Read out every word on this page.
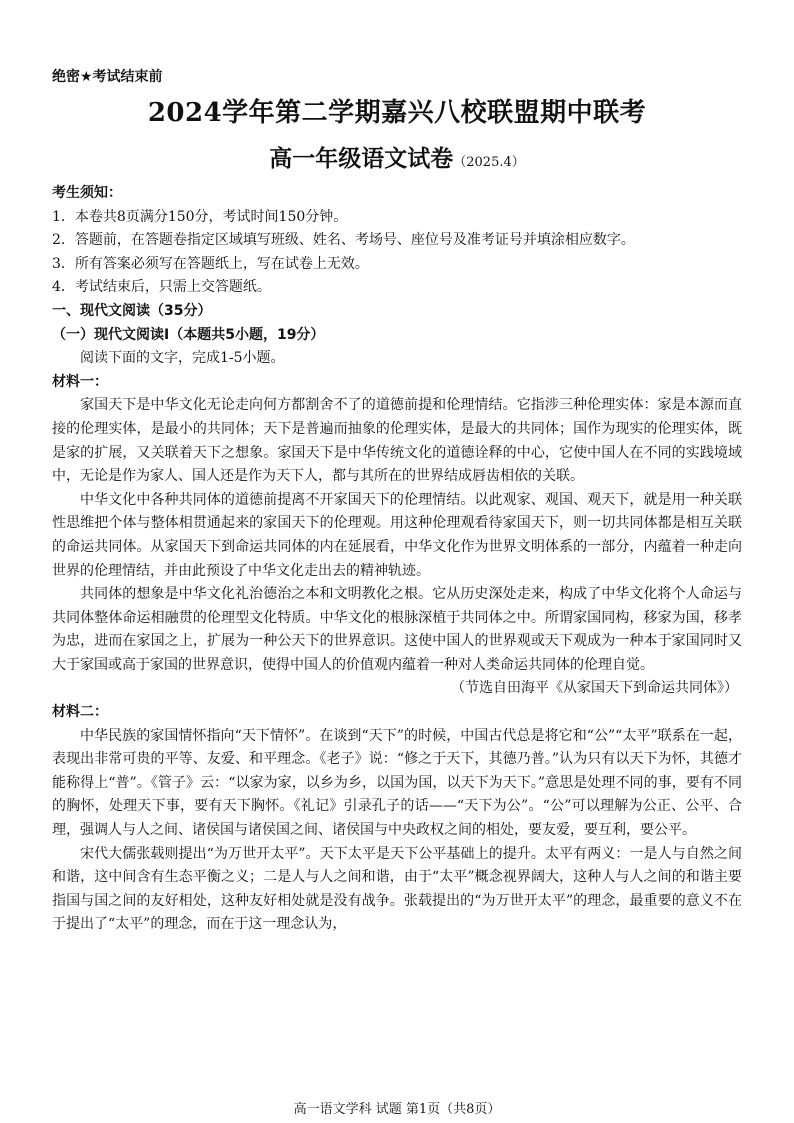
绝密★考试结束前
2024学年第二学期嘉兴八校联盟期中联考
高一年级语文试卷（2025.4）

考生须知：

1．本卷共8页满分150分，考试时间150分钟。

2．答题前，在答题卷指定区域填写班级、姓名、考场号、座位号及准考证号并填涂相应数字。

3．所有答案必须写在答题纸上，写在试卷上无效。

4．考试结束后，只需上交答题纸。

一、现代文阅读（35分）

（一）现代文阅读Ⅰ（本题共5小题，19分）

阅读下面的文字，完成1-5小题。

材料一：

家国天下是中华文化无论走向何方都割舍不了的道德前提和伦理情结。它指涉三种伦理实体：家是本源而直接的伦理实体，是最小的共同体；天下是普遍而抽象的伦理实体，是最大的共同体；国作为现实的伦理实体，既是家的扩展，又关联着天下之想象。家国天下是中华传统文化的道德诠释的中心，它使中国人在不同的实践境域中，无论是作为家人、国人还是作为天下人，都与其所在的世界结成唇齿相依的关联。

中华文化中各种共同体的道德前提离不开家国天下的伦理情结。以此观家、观国、观天下，就是用一种关联性思维把个体与整体相贯通起来的家国天下的伦理观。用这种伦理观看待家国天下，则一切共同体都是相互关联的命运共同体。从家国天下到命运共同体的内在延展看，中华文化作为世界文明体系的一部分，内蕴着一种走向世界的伦理情结，并由此预设了中华文化走出去的精神轨迹。

共同体的想象是中华文化礼治德治之本和文明教化之根。它从历史深处走来，构成了中华文化将个人命运与共同体整体命运相融贯的伦理型文化特质。中华文化的根脉深植于共同体之中。所谓家国同构，移家为国，移孝为忠，进而在家国之上，扩展为一种公天下的世界意识。这使中国人的世界观或天下观成为一种本于家国同时又大于家国或高于家国的世界意识，使得中国人的价值观内蕴着一种对人类命运共同体的伦理自觉。

（节选自田海平《从家国天下到命运共同体》）

材料二：

中华民族的家国情怀指向“天下情怀”。在谈到“天下”的时候，中国古代总是将它和“公”“太平”联系在一起，表现出非常可贵的平等、友爱、和平理念。《老子》说：“修之于天下，其德乃普。”认为只有以天下为怀，其德才能称得上“普”。《管子》云：“以家为家，以乡为乡，以国为国，以天下为天下。”意思是处理不同的事，要有不同的胸怀，处理天下事，要有天下胸怀。《礼记》引录孔子的话——“天下为公”。“公”可以理解为公正、公平、合理，强调人与人之间、诸侯国与诸侯国之间、诸侯国与中央政权之间的相处，要友爱，要互利，要公平。

宋代大儒张载则提出“为万世开太平”。天下太平是天下公平基础上的提升。太平有两义：一是人与自然之间和谐，这中间含有生态平衡之义；二是人与人之间和谐，由于“太平”概念视界阔大，这种人与人之间的和谐主要指国与国之间的友好相处，这种友好相处就是没有战争。张载提出的“为万世开太平”的理念，最重要的意义不在于提出了“太平”的理念，而在于这一理念认为，

高一语文学科 试题 第1页（共8页）
